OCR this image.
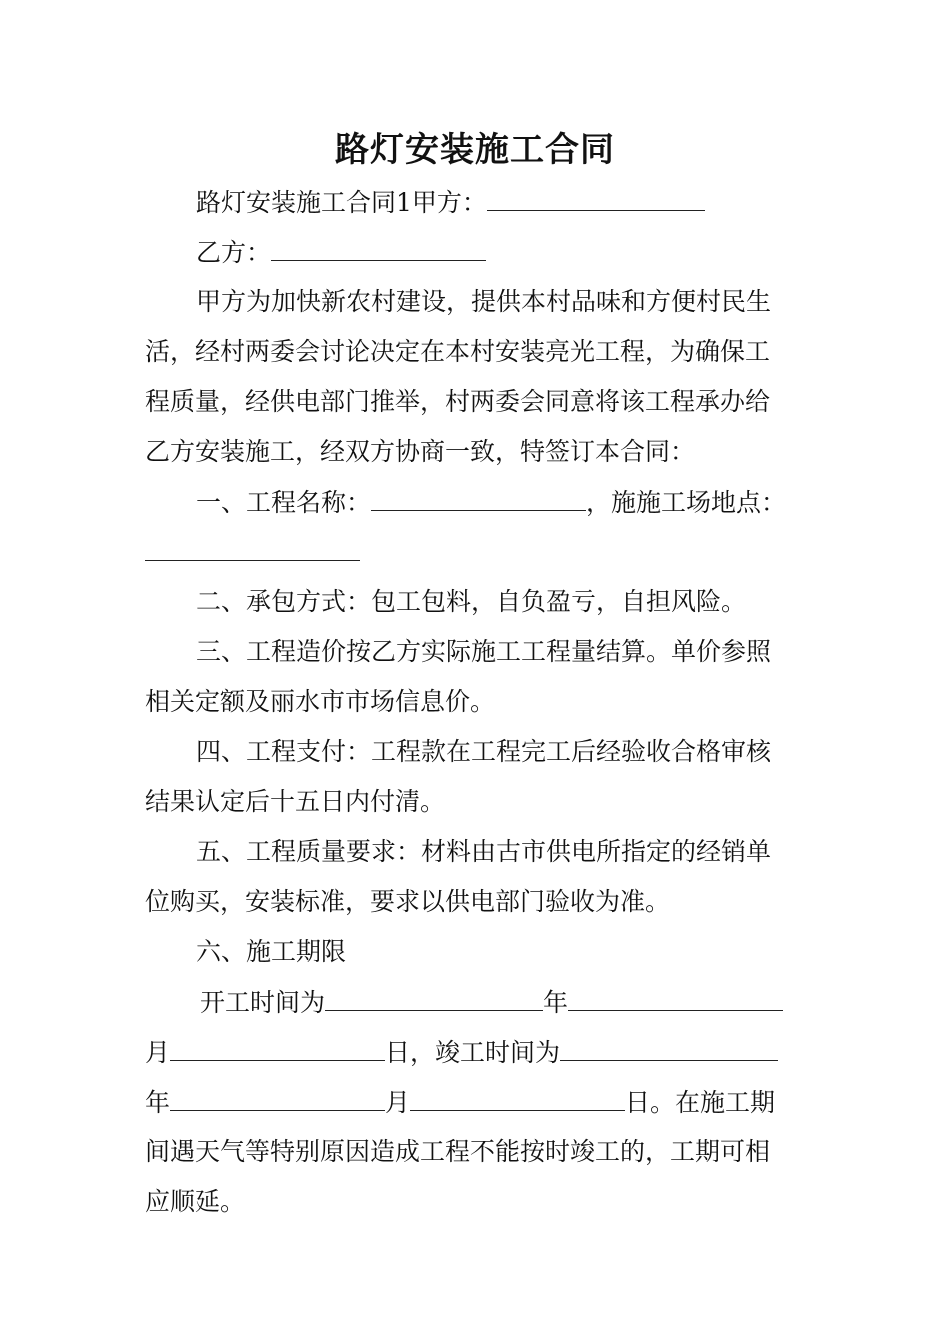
路灯安装施工合同
路灯安装施工合同1甲方：
乙方：
甲方为加快新农村建设，提供本村品味和方便村民生
活，经村两委会讨论决定在本村安装亮光工程，为确保工
程质量，经供电部门推举，村两委会同意将该工程承办给
乙方安装施工，经双方协商一致，特签订本合同：
一、工程名称：	，施施工场地点：
二、承包方式：包工包料，自负盈亏，自担风险。
三、工程造价按乙方实际施工工程量结算。单价参照
相关定额及丽水市市场信息价。
四、工程支付：工程款在工程完工后经验收合格审核
结果认定后十五日内付清。
五、工程质量要求：材料由古市供电所指定的经销单
位购买，安装标准，要求以供电部门验收为准。
六、施工期限
开工时间为	年
月	日，竣工时间为
年	月	日。在施工期
间遇天气等特别原因造成工程不能按时竣工的，工期可相
应顺延。
